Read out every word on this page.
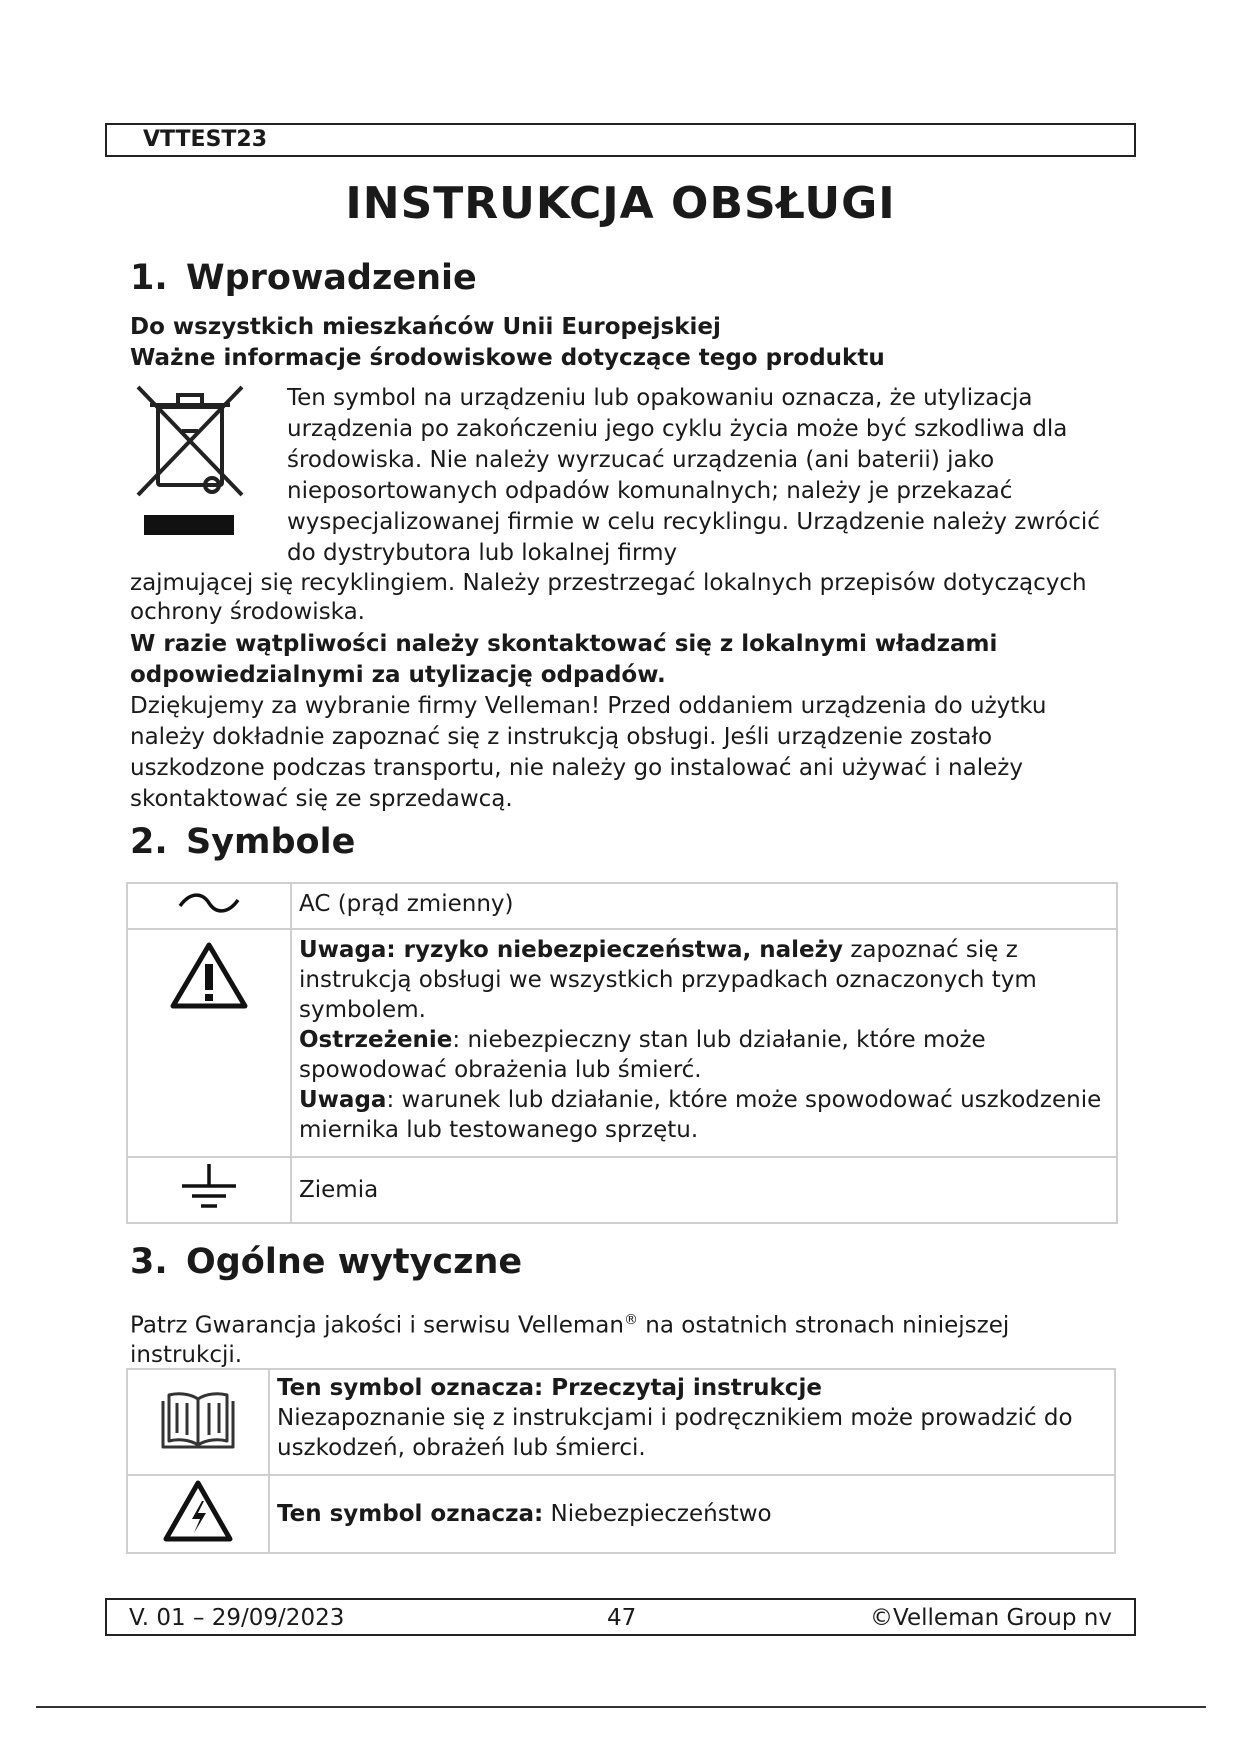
VTTEST23
INSTRUKCJA OBSŁUGI
1. Wprowadzenie

Do wszystkich mieszkańców Unii Europejskiej

Ważne informacje środowiskowe dotyczące tego produktu

Ten symbol na urządzeniu lub opakowaniu oznacza, że utylizacja urządzenia po zakończeniu jego cyklu życia może być szkodliwa dla środowiska. Nie należy wyrzucać urządzenia (ani baterii) jako nieposortowanych odpadów komunalnych; należy je przekazać wyspecjalizowanej firmie w celu recyklingu. Urządzenie należy zwrócić do dystrybutora lub lokalnej firmy

zajmującej się recyklingiem. Należy przestrzegać lokalnych przepisów dotyczących ochrony środowiska.

W razie wątpliwości należy skontaktować się z lokalnymi władzami odpowiedzialnymi za utylizację odpadów.

Dziękujemy za wybranie firmy Velleman! Przed oddaniem urządzenia do użytku należy dokładnie zapoznać się z instrukcją obsługi. Jeśli urządzenie zostało uszkodzone podczas transportu, nie należy go instalować ani używać i należy skontaktować się ze sprzedawcą.

2. Symbole

AC (prąd zmienny)

Uwaga: ryzyko niebezpieczeństwa, należy zapoznać się z instrukcją obsługi we wszystkich przypadkach oznaczonych tym symbolem.
Ostrzeżenie: niebezpieczny stan lub działanie, które może spowodować obrażenia lub śmierć.
Uwaga: warunek lub działanie, które może spowodować uszkodzenie miernika lub testowanego sprzętu.

Ziemia
3. Ogólne wytyczne
Patrz Gwarancja jakości i serwisu Velleman® na ostatnich stronach niniejszej instrukcji.

Ten symbol oznacza: Przeczytaj instrukcje
Niezapoznanie się z instrukcjami i podręcznikiem może prowadzić do uszkodzeń, obrażeń lub śmierci.

Ten symbol oznacza: Niebezpieczeństwo
V. 01 – 29/09/2023	47	©Velleman Group nv
